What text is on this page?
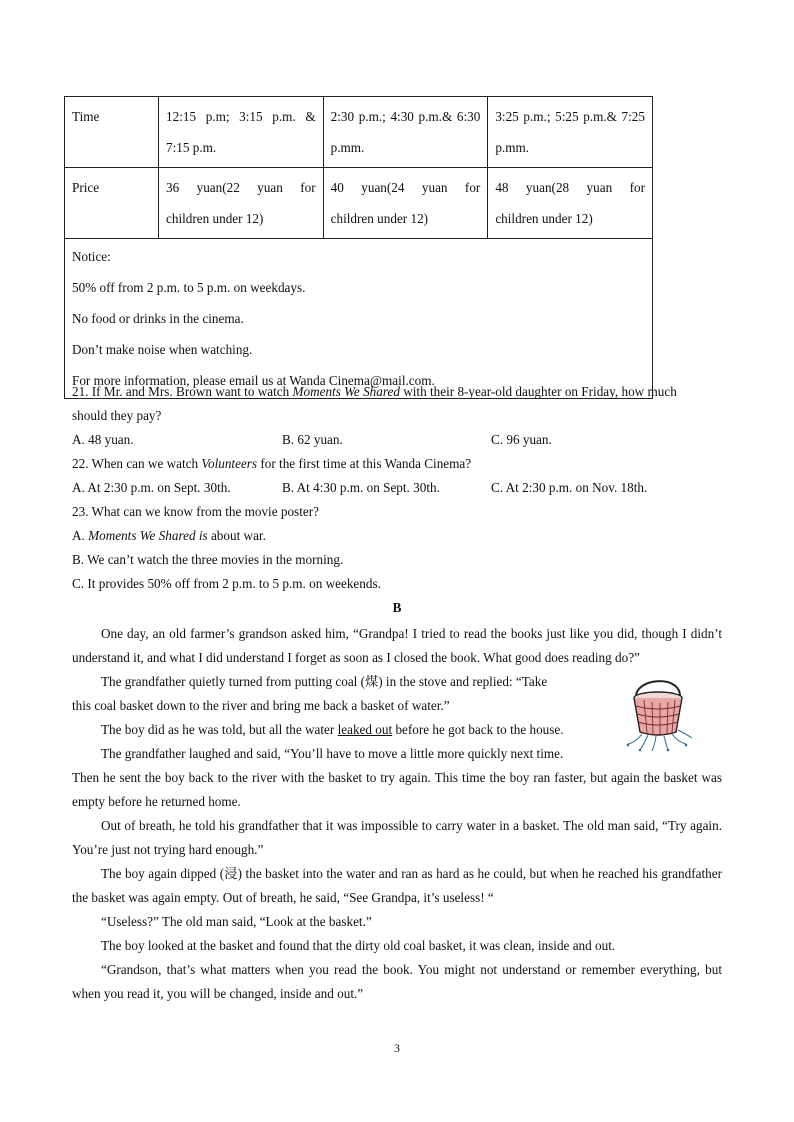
Time	12:15 p.m; 3:15 p.m. & 7:15 p.m.	2:30 p.m.; 4:30 p.m.& 6:30 p.mm.	3:25 p.m.; 5:25 p.m.& 7:25 p.mm.
Price	36 yuan(22 yuan for children under 12)	40 yuan(24 yuan for children under 12)	48 yuan(28 yuan for children under 12)

Notice:
50% off from 2 p.m. to 5 p.m. on weekdays.
No food or drinks in the cinema.
Don’t make noise when watching.
For more information, please email us at Wanda Cinema@mail.com.			
21. If Mr. and Mrs. Brown want to watch Moments We Shared with their 8-year-old daughter on Friday, how much
should they pay?
A. 48 yuan.	B. 62 yuan.	C. 96 yuan.
22. When can we watch Volunteers for the first time at this Wanda Cinema?
A. At 2:30 p.m. on Sept. 30th.	B. At 4:30 p.m. on Sept. 30th.	C. At 2:30 p.m. on Nov. 18th.
23. What can we know from the movie poster?
A. Moments We Shared is about war.
B. We can’t watch the three movies in the morning.
C. It provides 50% off from 2 p.m. to 5 p.m. on weekends.
B
One day, an old farmer’s grandson asked him, “Grandpa! I tried to read the books just like you did, though I didn’t understand it, and what I did understand I forget as soon as I closed the book. What good does reading do?”
The grandfather quietly turned from putting coal (煤) in the stove and replied: “Take
this coal basket down to the river and bring me back a basket of water.”
The boy did as he was told, but all the water leaked out before he got back to the house.
The grandfather laughed and said, “You’ll have to move a little more quickly next time.
Then he sent the boy back to the river with the basket to try again. This time the boy ran faster, but again the basket was empty before he returned home.
Out of breath, he told his grandfather that it was impossible to carry water in a basket. The old man said, “Try again. You’re just not trying hard enough.”
The boy again dipped (浸) the basket into the water and ran as hard as he could, but when he reached his grandfather the basket was again empty. Out of breath, he said, “See Grandpa, it’s useless! “
“Useless?” The old man said, “Look at the basket.”
The boy looked at the basket and found that the dirty old coal basket, it was clean, inside and out.
“Grandson, that’s what matters when you read the book. You might not understand or remember everything, but when you read it, you will be changed, inside and out.”
3
